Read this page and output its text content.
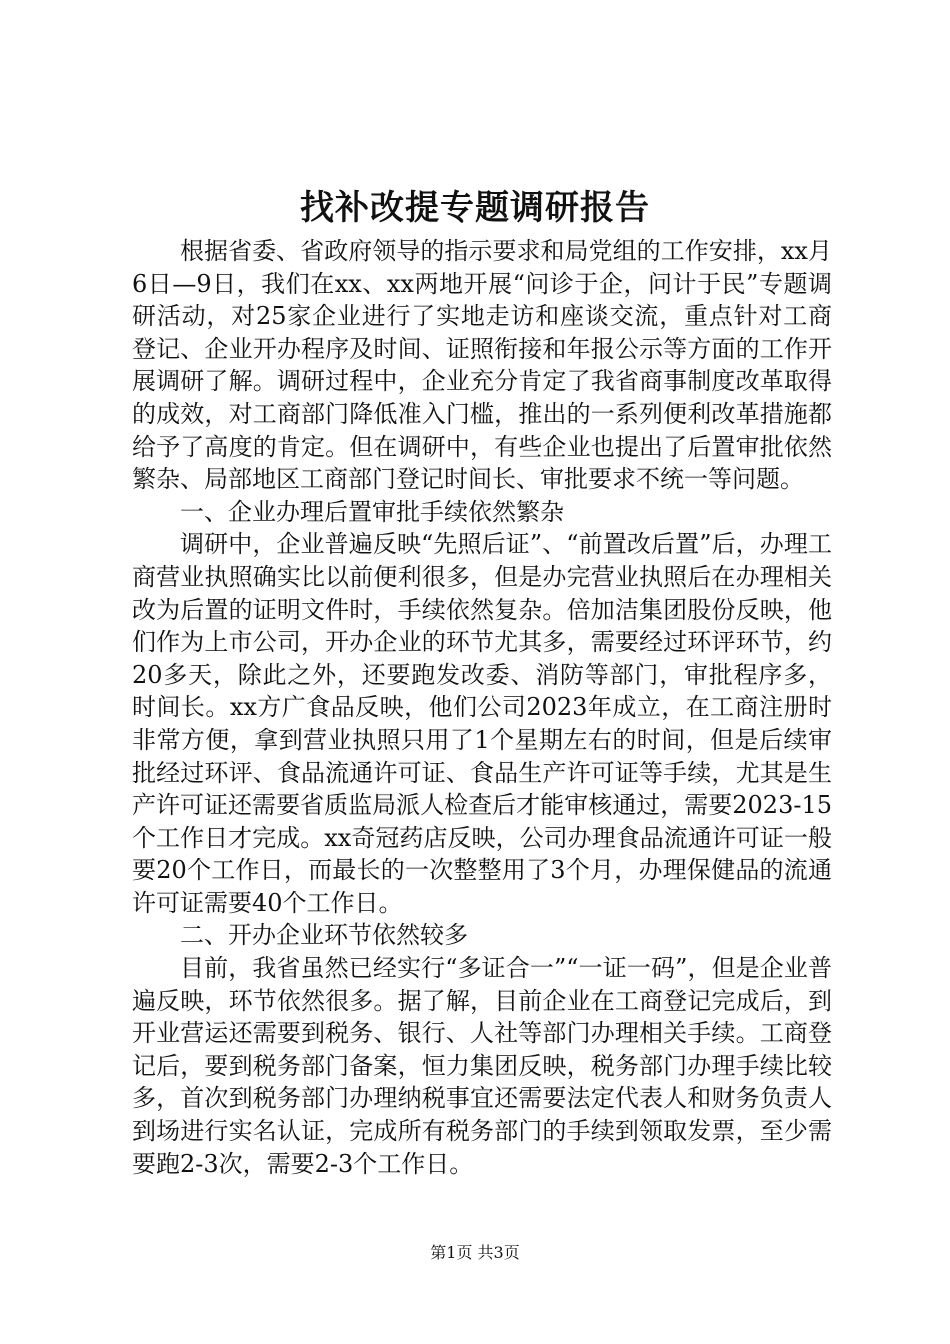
找补改提专题调研报告

根据省委、省政府领导的指示要求和局党组的工作安排，xx月6日—9日，我们在xx、xx两地开展“问诊于企，问计于民”专题调研活动，对25家企业进行了实地走访和座谈交流，重点针对工商登记、企业开办程序及时间、证照衔接和年报公示等方面的工作开展调研了解。调研过程中，企业充分肯定了我省商事制度改革取得的成效，对工商部门降低准入门槛，推出的一系列便利改革措施都给予了高度的肯定。但在调研中，有些企业也提出了后置审批依然繁杂、局部地区工商部门登记时间长、审批要求不统一等问题。

一、企业办理后置审批手续依然繁杂

调研中，企业普遍反映“先照后证”、“前置改后置”后，办理工商营业执照确实比以前便利很多，但是办完营业执照后在办理相关改为后置的证明文件时，手续依然复杂。倍加洁集团股份反映，他们作为上市公司，开办企业的环节尤其多，需要经过环评环节，约20多天，除此之外，还要跑发改委、消防等部门，审批程序多，时间长。xx方广食品反映，他们公司2023年成立，在工商注册时非常方便，拿到营业执照只用了1个星期左右的时间，但是后续审批经过环评、食品流通许可证、食品生产许可证等手续，尤其是生产许可证还需要省质监局派人检查后才能审核通过，需要2023-15个工作日才完成。xx奇冠药店反映，公司办理食品流通许可证一般要20个工作日，而最长的一次整整用了3个月，办理保健品的流通许可证需要40个工作日。

二、开办企业环节依然较多

目前，我省虽然已经实行“多证合一”“一证一码”，但是企业普遍反映，环节依然很多。据了解，目前企业在工商登记完成后，到开业营运还需要到税务、银行、人社等部门办理相关手续。工商登记后，要到税务部门备案，恒力集团反映，税务部门办理手续比较多，首次到税务部门办理纳税事宜还需要法定代表人和财务负责人到场进行实名认证，完成所有税务部门的手续到领取发票，至少需要跑2-3次，需要2-3个工作日。

第1页 共3页
